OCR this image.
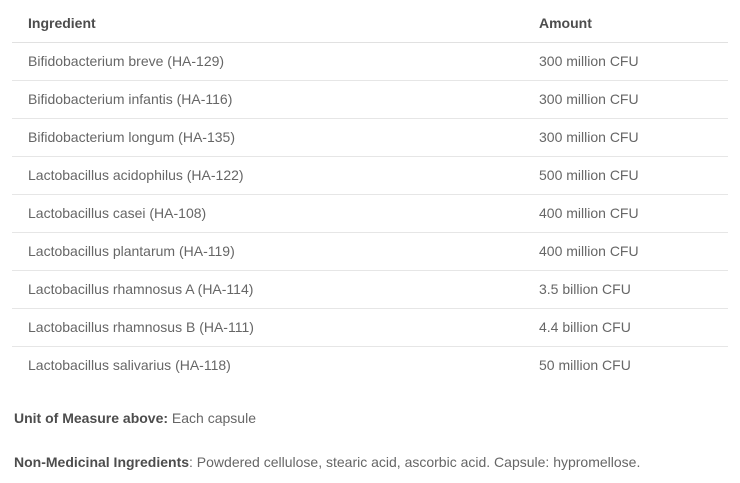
Ingredient	Amount
Bifidobacterium breve (HA-129)	300 million CFU
Bifidobacterium infantis (HA-116)	300 million CFU
Bifidobacterium longum (HA-135)	300 million CFU
Lactobacillus acidophilus (HA-122)	500 million CFU
Lactobacillus casei (HA-108)	400 million CFU
Lactobacillus plantarum (HA-119)	400 million CFU
Lactobacillus rhamnosus A (HA-114)	3.5 billion CFU
Lactobacillus rhamnosus B (HA-111)	4.4 billion CFU
Lactobacillus salivarius (HA-118)	50 million CFU

Unit of Measure above: Each capsule

Non-Medicinal Ingredients: Powdered cellulose, stearic acid, ascorbic acid. Capsule: hypromellose.
